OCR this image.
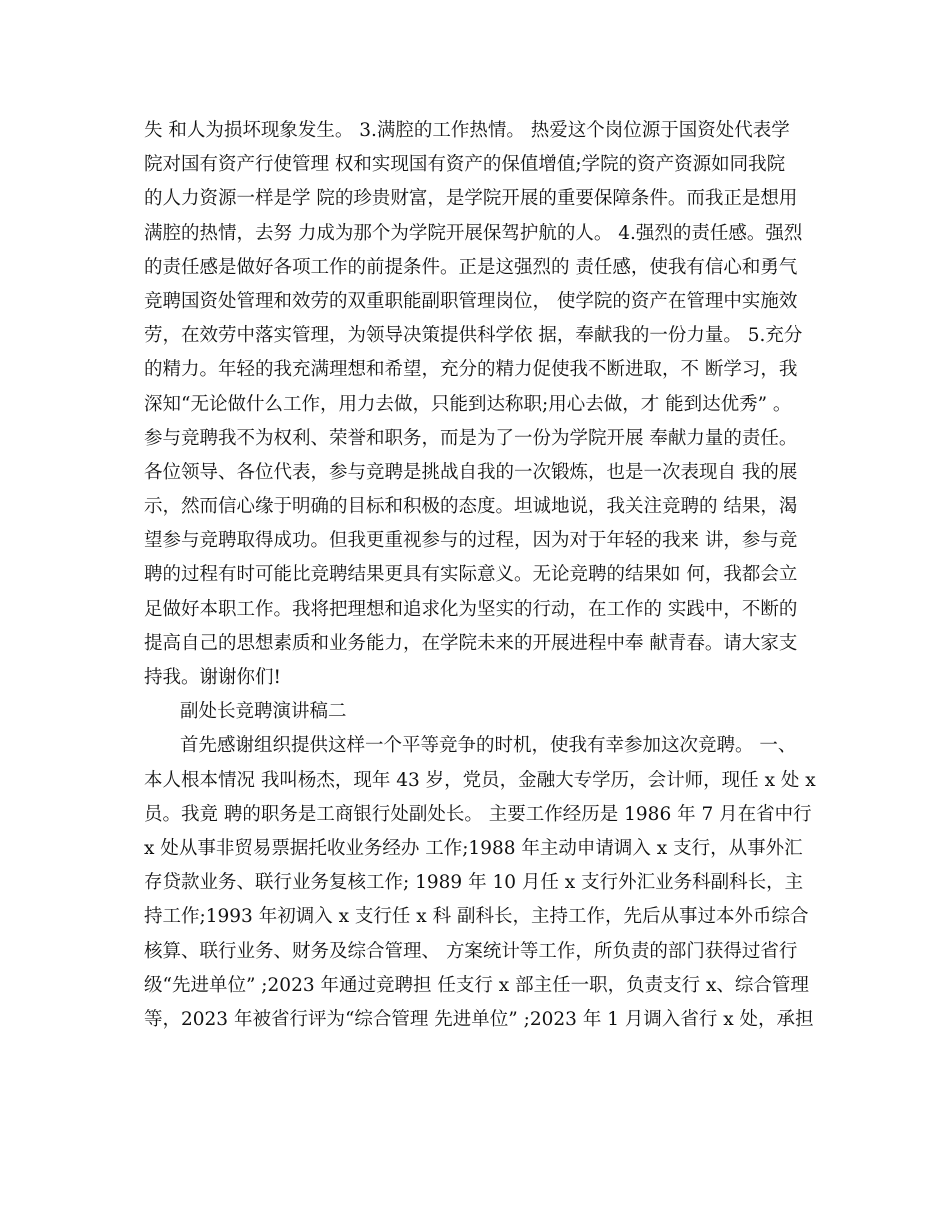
失 和人为损坏现象发生。 3.满腔的工作热情。 热爱这个岗位源于国资处代表学
院对国有资产行使管理 权和实现国有资产的保值增值;学院的资产资源如同我院
的人力资源一样是学 院的珍贵财富，是学院开展的重要保障条件。而我正是想用
满腔的热情，去努 力成为那个为学院开展保驾护航的人。 4.强烈的责任感。强烈
的责任感是做好各项工作的前提条件。正是这强烈的 责任感，使我有信心和勇气
竞聘国资处管理和效劳的双重职能副职管理岗位， 使学院的资产在管理中实施效
劳，在效劳中落实管理，为领导决策提供科学依 据，奉献我的一份力量。 5.充分
的精力。年轻的我充满理想和希望，充分的精力促使我不断进取，不 断学习，我
深知“无论做什么工作，用力去做，只能到达称职;用心去做，才 能到达优秀” 。
参与竞聘我不为权利、荣誉和职务，而是为了一份为学院开展 奉献力量的责任。
各位领导、各位代表，参与竞聘是挑战自我的一次锻炼，也是一次表现自 我的展
示，然而信心缘于明确的目标和积极的态度。坦诚地说，我关注竞聘的 结果，渴
望参与竞聘取得成功。但我更重视参与的过程，因为对于年轻的我来 讲，参与竞
聘的过程有时可能比竞聘结果更具有实际意义。无论竞聘的结果如 何，我都会立
足做好本职工作。我将把理想和追求化为坚实的行动，在工作的 实践中，不断的
提高自己的思想素质和业务能力，在学院未来的开展进程中奉 献青春。请大家支
持我。谢谢你们!
副处长竞聘演讲稿二
首先感谢组织提供这样一个平等竞争的时机，使我有幸参加这次竞聘。 一、
本人根本情况 我叫杨杰，现年 43 岁，党员，金融大专学历，会计师，现任 x 处 x
员。我竟 聘的职务是工商银行处副处长。 主要工作经历是 1986 年 7 月在省中行
x 处从事非贸易票据托收业务经办 工作;1988 年主动申请调入 x 支行，从事外汇
存贷款业务、联行业务复核工作; 1989 年 10 月任 x 支行外汇业务科副科长，主
持工作;1993 年初调入 x 支行任 x 科 副科长，主持工作，先后从事过本外币综合
核算、联行业务、财务及综合管理、 方案统计等工作，所负责的部门获得过省行
级“先进单位” ;2023 年通过竞聘担 任支行 x 部主任一职，负责支行 x、综合管理
等，2023 年被省行评为“综合管理 先进单位” ;2023 年 1 月调入省行 x 处，承担
